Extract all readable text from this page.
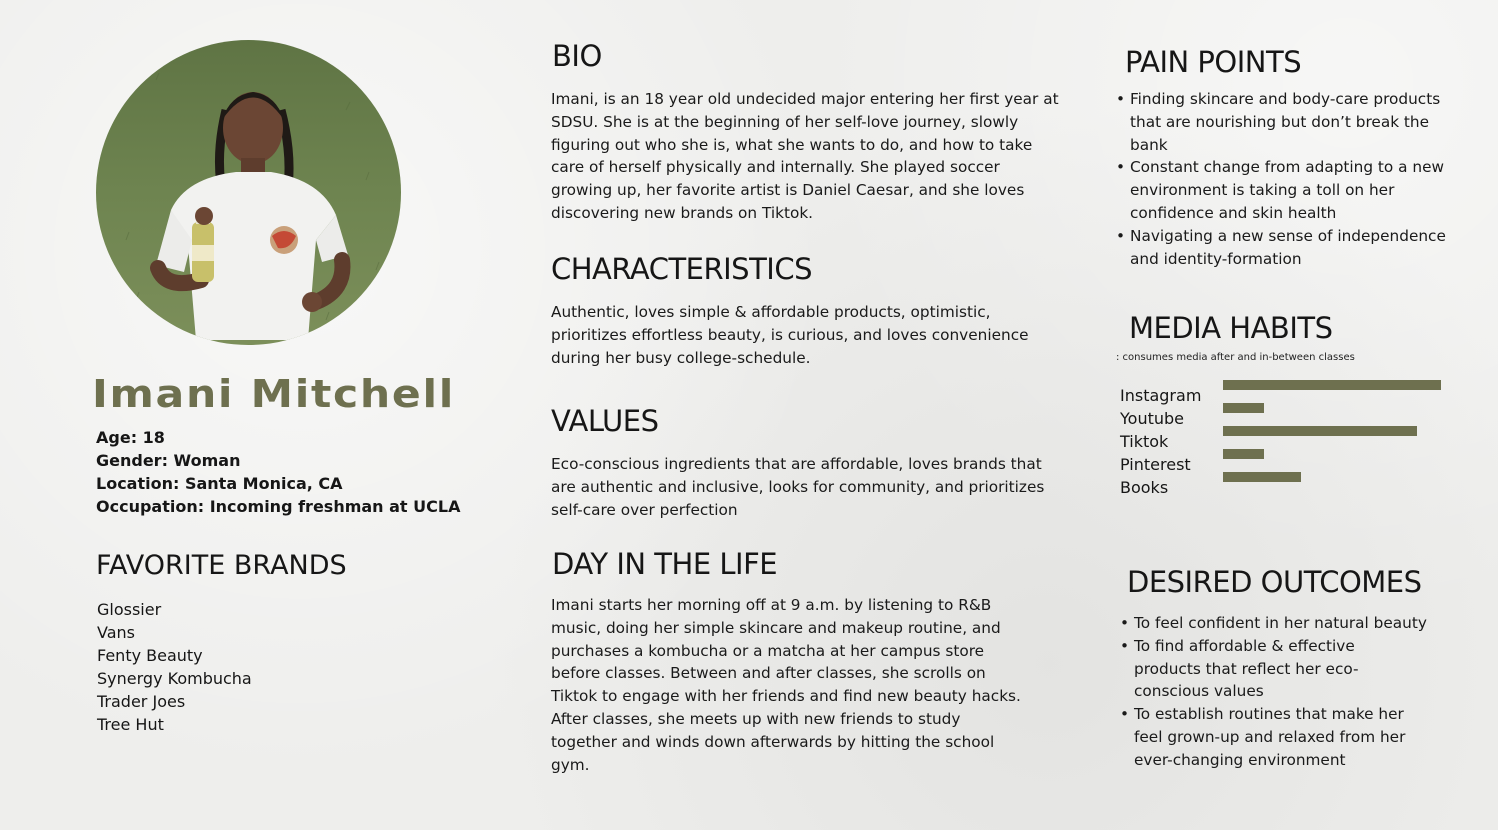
Imani Mitchell
Age: 18
Gender: Woman
Location: Santa Monica, CA
Occupation: Incoming freshman at UCLA
FAVORITE BRANDS
Glossier
Vans
Fenty Beauty
Synergy Kombucha
Trader Joes
Tree Hut
BIO
Imani, is an 18 year old undecided major entering her first year at
SDSU. She is at the beginning of her self-love journey, slowly
figuring out who she is, what she wants to do, and how to take
care of herself physically and internally. She played soccer
growing up, her favorite artist is Daniel Caesar, and she loves
discovering new brands on Tiktok.
CHARACTERISTICS
Authentic, loves simple & affordable products, optimistic,
prioritizes effortless beauty, is curious, and loves convenience
during her busy college-schedule.
VALUES
Eco-conscious ingredients that are affordable, loves brands that
are authentic and inclusive, looks for community, and prioritizes
self-care over perfection
DAY IN THE LIFE
Imani starts her morning off at 9 a.m. by listening to R&B
music, doing her simple skincare and makeup routine, and
purchases a kombucha or a matcha at her campus store
before classes. Between and after classes, she scrolls on
Tiktok to engage with her friends and find new beauty hacks.
After classes, she meets up with new friends to study
together and winds down afterwards by hitting the school
gym.
PAIN POINTS
• Finding skincare and body-care products
that are nourishing but don’t break the
bank
• Constant change from adapting to a new
environment is taking a toll on her
confidence and skin health
• Navigating a new sense of independence
and identity-formation
MEDIA HABITS
: consumes media after and in-between classes
Instagram
Youtube
Tiktok
Pinterest
Books
DESIRED OUTCOMES
• To feel confident in her natural beauty
• To find affordable & effective
products that reflect her eco-
conscious values
• To establish routines that make her
feel grown-up and relaxed from her
ever-changing environment
